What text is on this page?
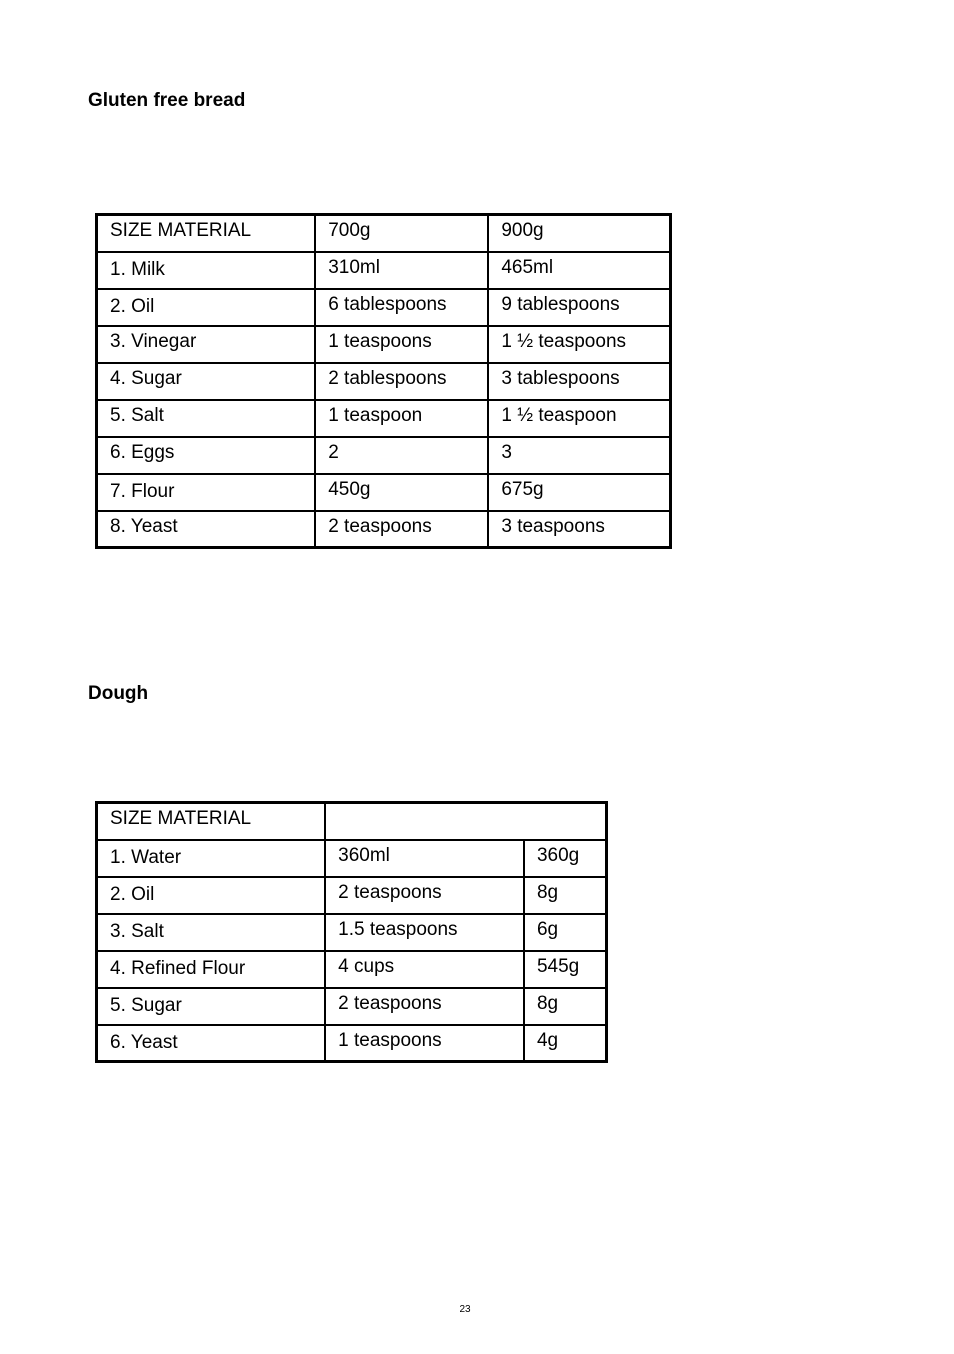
Gluten free bread
SIZE MATERIAL	700g	900g
1. Milk	310ml	465ml
2. Oil	6 tablespoons	9 tablespoons
3. Vinegar	1 teaspoons	1 ½ teaspoons
4. Sugar	2 tablespoons	3 tablespoons
5. Salt	1 teaspoon	1 ½ teaspoon
6. Eggs	2	3
7. Flour	450g	675g
8. Yeast	2 teaspoons	3 teaspoons
Dough
SIZE MATERIAL		
1. Water	360ml	360g
2. Oil	2 teaspoons	8g
3. Salt	1.5 teaspoons	6g
4. Refined Flour	4 cups	545g
5. Sugar	2 teaspoons	8g
6. Yeast	1 teaspoons	4g
23
